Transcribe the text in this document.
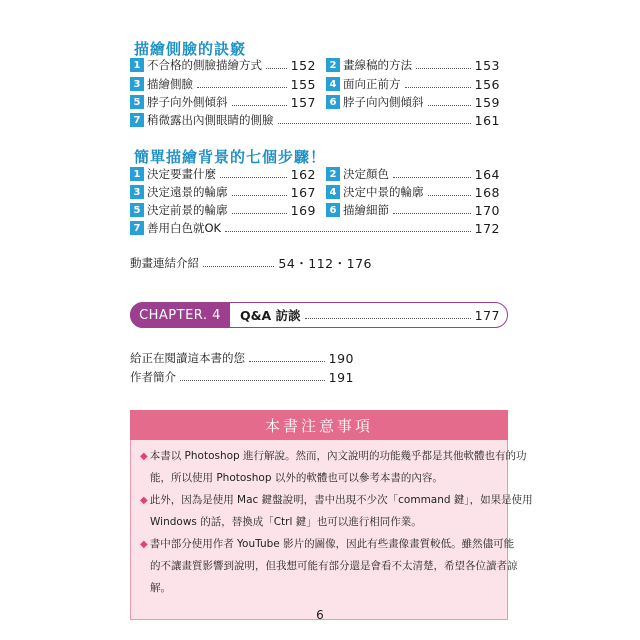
描繪側臉的訣竅
1 不合格的側臉描繪方式 152	2 畫線稿的方法	153
3 描繪側臉	155	4 面向正前方	156
5 脖子向外側傾斜	157	6 脖子向內側傾斜	159
7 稍微露出內側眼睛的側臉	161
簡單描繪背景的七個步驟！
1 決定要畫什麼	162	2 決定顏色	164
3 決定遠景的輪廓	167	4 決定中景的輪廓	168
5 決定前景的輪廓	169	6 描繪細節	170
7 善用白色就OK	172
動畫連結介紹	54・112・176
CHAPTER. 4	Q&A 訪談	177
給正在閱讀這本書的您	190
作者簡介	191
本書注意事項
◆ 本書以 Photoshop 進行解說。然而，內文說明的功能幾乎都是其他軟體也有的功
能，所以使用 Photoshop 以外的軟體也可以參考本書的內容。
◆ 此外，因為是使用 Mac 鍵盤說明，書中出現不少次「command 鍵」，如果是使用
Windows 的話，替換成「Ctrl 鍵」也可以進行相同作業。
◆ 書中部分使用作者 YouTube 影片的圖像，因此有些畫像畫質較低。雖然儘可能
的不讓畫質影響到說明，但我想可能有部分還是會看不太清楚，希望各位讀者諒
解。
6
